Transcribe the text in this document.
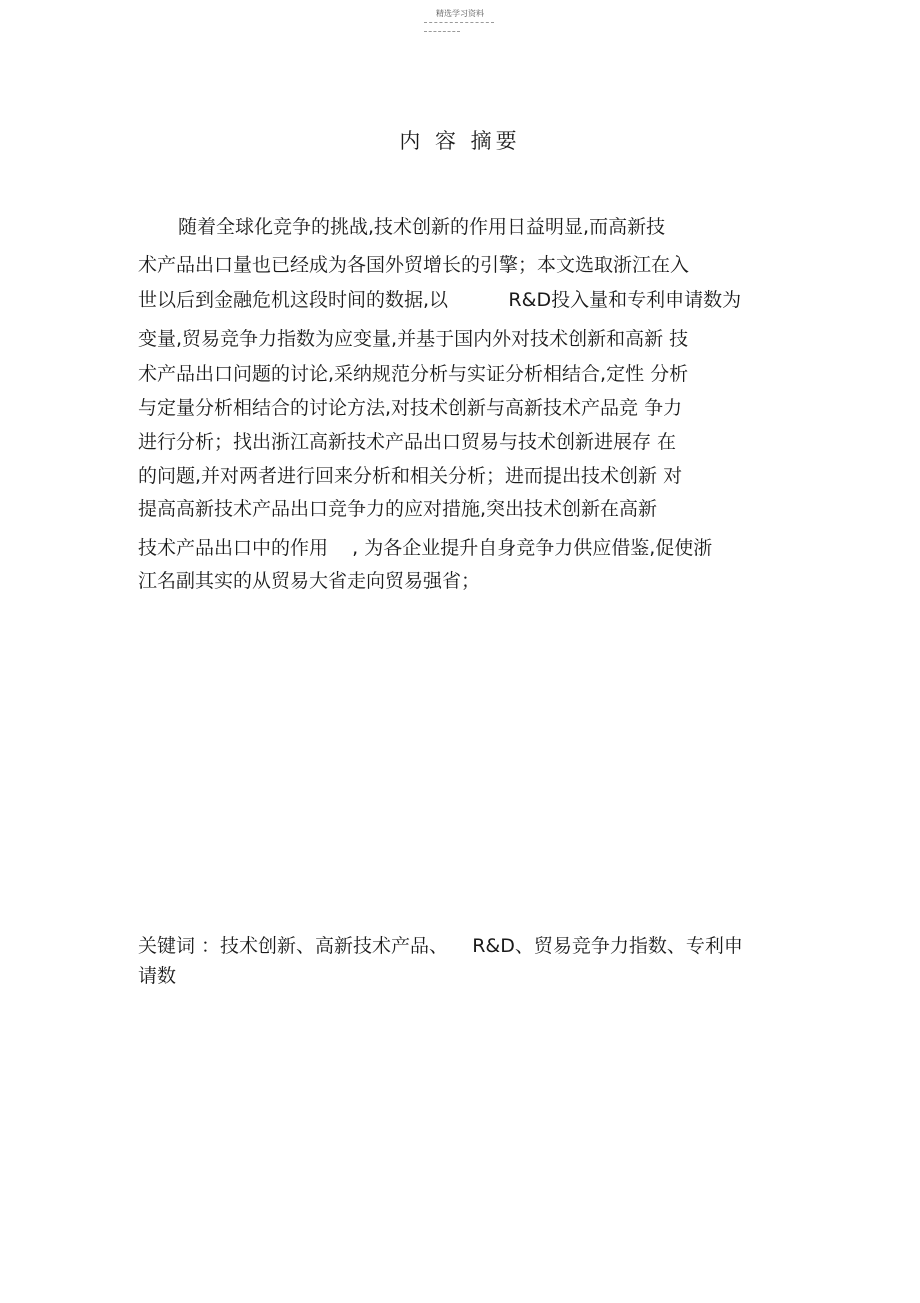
精选学习资料
内 容 摘要
随着全球化竞争的挑战,技术创新的作用日益明显,而高新技
术产品出口量也已经成为各国外贸增长的引擎；本文选取浙江在入
世以后到金融危机这段时间的数据,以          R&D投入量和专利申请数为
变量,贸易竞争力指数为应变量,并基于国内外对技术创新和高新 技
术产品出口问题的讨论,采纳规范分析与实证分析相结合,定性 分析
与定量分析相结合的讨论方法,对技术创新与高新技术产品竞 争力
进行分析；找出浙江高新技术产品出口贸易与技术创新进展存 在
的问题,并对两者进行回来分析和相关分析；进而提出技术创新 对
提高高新技术产品出口竞争力的应对措施,突出技术创新在高新
技术产品出口中的作用    , 为各企业提升自身竞争力供应借鉴,促使浙
江名副其实的从贸易大省走向贸易强省；
关键词 ：技术创新、高新技术产品、    R&D、贸易竞争力指数、专利申
请数
